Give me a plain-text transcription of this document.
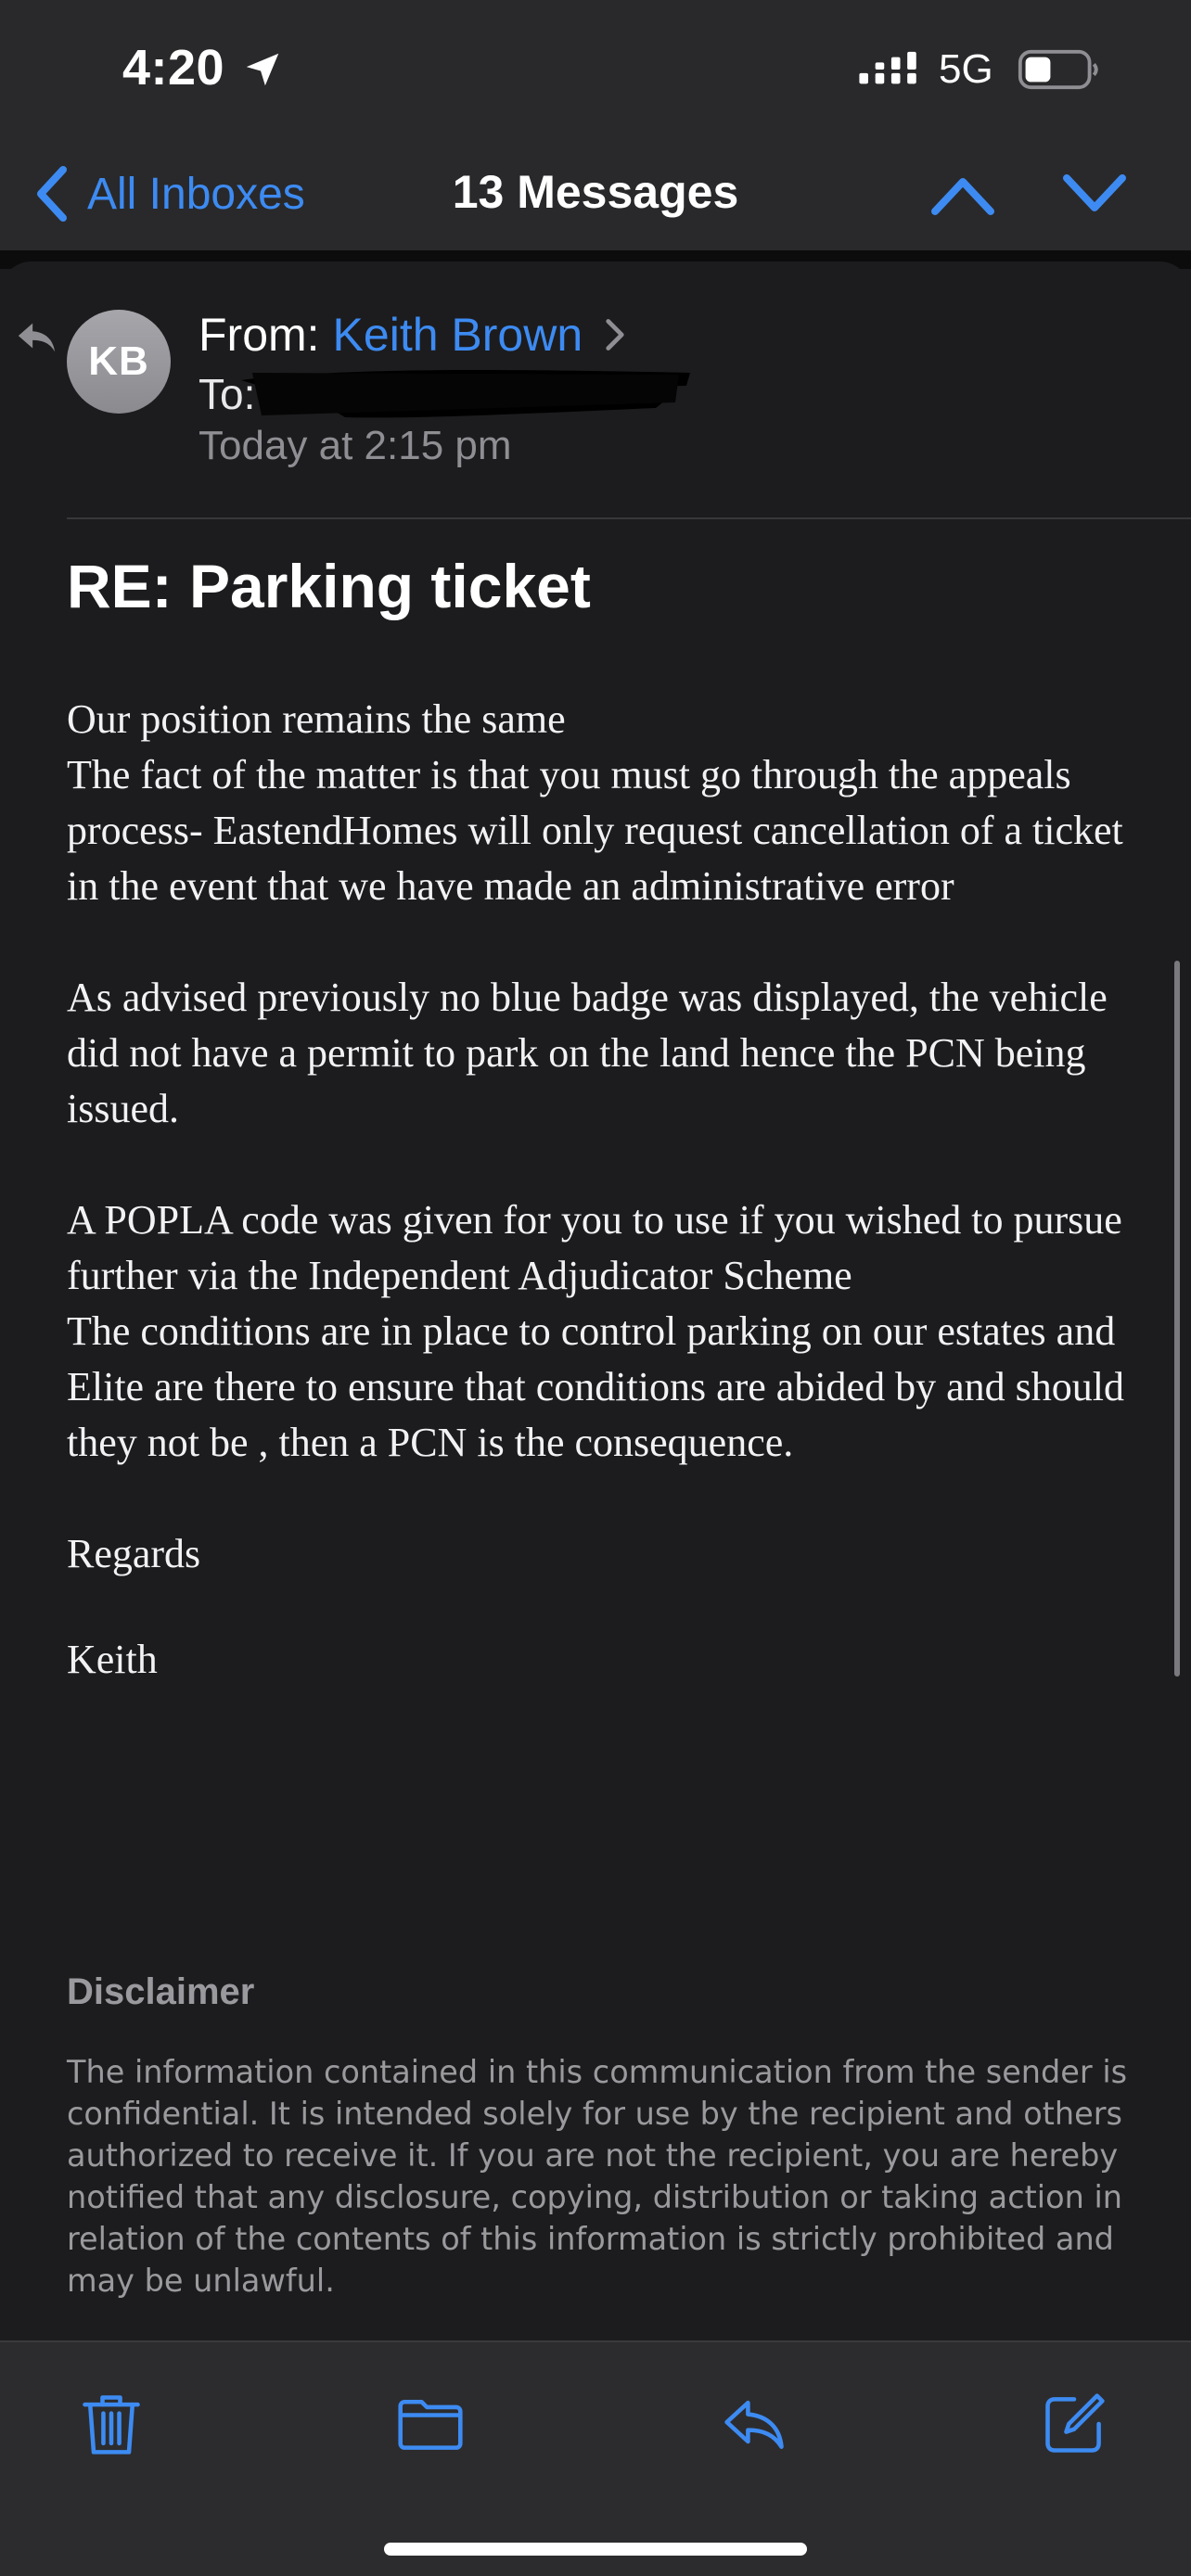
4:20	5G
All Inboxes	13 Messages
KB
From: Keith Brown
To:
Today at 2:15 pm
RE: Parking ticket

Our position remains the same

The fact of the matter is that you must go through the appeals process- EastendHomes will only request cancellation of a ticket in the event that we have made an administrative error

As advised previously no blue badge was displayed, the vehicle did not have a permit to park on the land hence the PCN being issued.

A POPLA code was given for you to use if you wished to pursue further via the Independent Adjudicator Scheme

The conditions are in place to control parking on our estates and Elite are there to ensure that conditions are abided by and should they not be , then a PCN is the consequence.

Regards

Keith

Disclaimer
The information contained in this communication from the sender is confidential. It is intended solely for use by the recipient and others authorized to receive it. If you are not the recipient, you are hereby notified that any disclosure, copying, distribution or taking action in relation of the contents of this information is strictly prohibited and may be unlawful.
